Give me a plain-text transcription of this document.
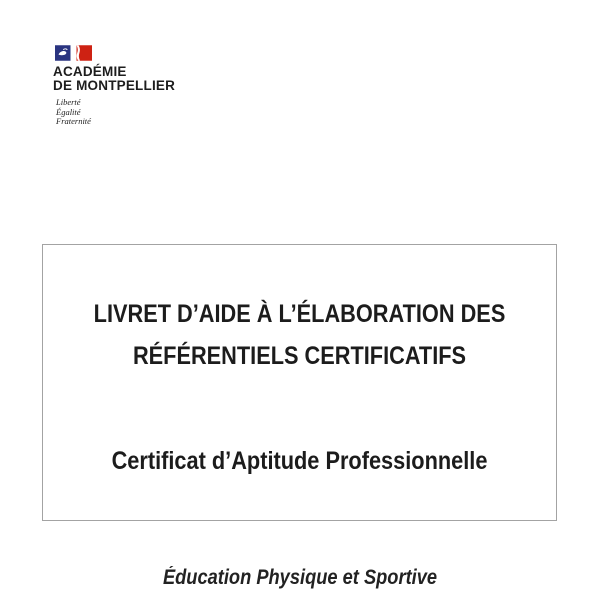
ACADÉMIE
DE MONTPELLIER
Liberté
Égalité
Fraternité
LIVRET D’AIDE À L’ÉLABORATION DES
RÉFÉRENTIELS CERTIFICATIFS
Certificat d’Aptitude Professionnelle
Éducation Physique et Sportive
